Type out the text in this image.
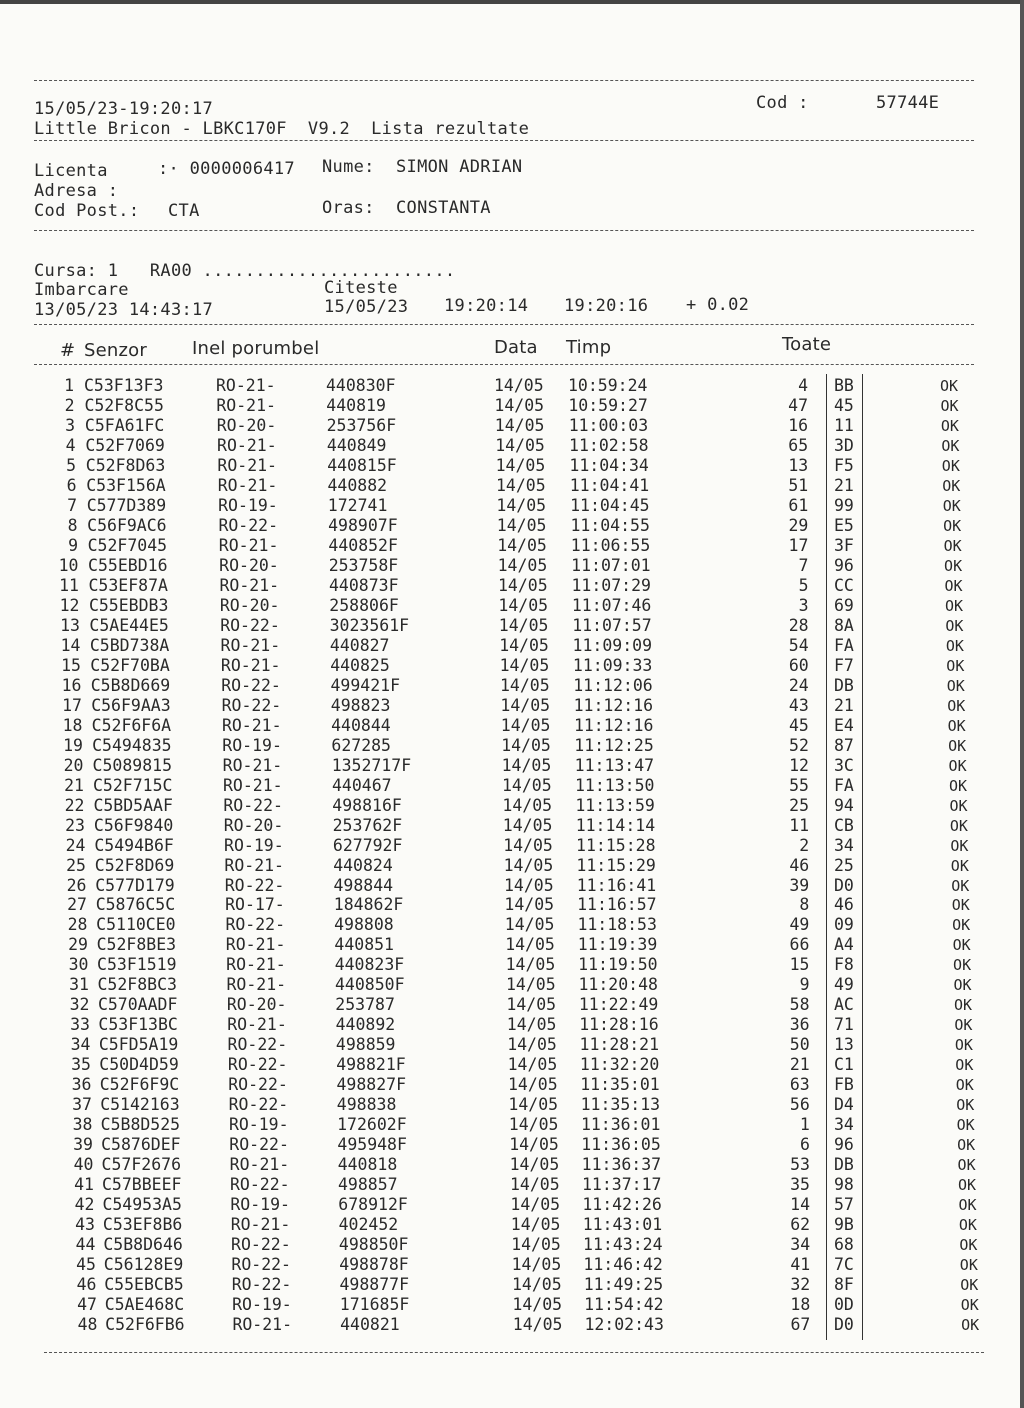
15/05/23-19:20:17	Cod :	57744E
Little Bricon - LBKC170F  V9.2  Lista rezultate
Licenta	:· 0000006417 Nume: SIMON ADRIAN
Adresa :
Cod Post.: CTA	Oras: CONSTANTA
Cursa: 1   RA00 ........................
Imbarcare	Citeste
13/05/23 14:43:17	15/05/23 19:20:14 19:20:16 + 0.02
# Senzor	Inel porumbel	Data Timp	Toate
1 C53F13F3	RO-21-	440830F	14/05 10:59:24	4 BB	OK
2 C52F8C55	RO-21-	440819	14/05 10:59:27	47 45	OK
3 C5FA61FC	RO-20-	253756F	14/05 11:00:03	16 11	OK
4 C52F7069	RO-21-	440849	14/05 11:02:58	65 3D	OK
5 C52F8D63	RO-21-	440815F	14/05 11:04:34	13 F5	OK
6 C53F156A	RO-21-	440882	14/05 11:04:41	51 21	OK
7 C577D389	RO-19-	172741	14/05 11:04:45	61 99	OK
8 C56F9AC6	RO-22-	498907F	14/05 11:04:55	29 E5	OK
9 C52F7045	RO-21-	440852F	14/05 11:06:55	17 3F	OK
10 C55EBD16	RO-20-	253758F	14/05 11:07:01	7 96	OK
11 C53EF87A	RO-21-	440873F	14/05 11:07:29	5 CC	OK
12 C55EBDB3	RO-20-	258806F	14/05 11:07:46	3 69	OK
13 C5AE44E5	RO-22-	3023561F	14/05 11:07:57	28 8A	OK
14 C5BD738A	RO-21-	440827	14/05 11:09:09	54 FA	OK
15 C52F70BA	RO-21-	440825	14/05 11:09:33	60 F7	OK
16 C5B8D669	RO-22-	499421F	14/05 11:12:06	24 DB	OK
17 C56F9AA3	RO-22-	498823	14/05 11:12:16	43 21	OK
18 C52F6F6A	RO-21-	440844	14/05 11:12:16	45 E4	OK
19 C5494835	RO-19-	627285	14/05 11:12:25	52 87	OK
20 C5089815	RO-21-	1352717F	14/05 11:13:47	12 3C	OK
21 C52F715C	RO-21-	440467	14/05 11:13:50	55 FA	OK
22 C5BD5AAF	RO-22-	498816F	14/05 11:13:59	25 94	OK
23 C56F9840	RO-20-	253762F	14/05 11:14:14	11 CB	OK
24 C5494B6F	RO-19-	627792F	14/05 11:15:28	2 34	OK
25 C52F8D69	RO-21-	440824	14/05 11:15:29	46 25	OK
26 C577D179	RO-22-	498844	14/05 11:16:41	39 D0	OK
27 C5876C5C	RO-17-	184862F	14/05 11:16:57	8 46	OK
28 C5110CE0	RO-22-	498808	14/05 11:18:53	49 09	OK
29 C52F8BE3	RO-21-	440851	14/05 11:19:39	66 A4	OK
30 C53F1519	RO-21-	440823F	14/05 11:19:50	15 F8	OK
31 C52F8BC3	RO-21-	440850F	14/05 11:20:48	9 49	OK
32 C570AADF	RO-20-	253787	14/05 11:22:49	58 AC	OK
33 C53F13BC	RO-21-	440892	14/05 11:28:16	36 71	OK
34 C5FD5A19	RO-22-	498859	14/05 11:28:21	50 13	OK
35 C50D4D59	RO-22-	498821F	14/05 11:32:20	21 C1	OK
36 C52F6F9C	RO-22-	498827F	14/05 11:35:01	63 FB	OK
37 C5142163	RO-22-	498838	14/05 11:35:13	56 D4	OK
38 C5B8D525	RO-19-	172602F	14/05 11:36:01	1 34	OK
39 C5876DEF	RO-22-	495948F	14/05 11:36:05	6 96	OK
40 C57F2676	RO-21-	440818	14/05 11:36:37	53 DB	OK
41 C57BBEEF	RO-22-	498857	14/05 11:37:17	35 98	OK
42 C54953A5	RO-19-	678912F	14/05 11:42:26	14 57	OK
43 C53EF8B6	RO-21-	402452	14/05 11:43:01	62 9B	OK
44 C5B8D646	RO-22-	498850F	14/05 11:43:24	34 68	OK
45 C56128E9	RO-22-	498878F	14/05 11:46:42	41 7C	OK
46 C55EBCB5	RO-22-	498877F	14/05 11:49:25	32 8F	OK
47 C5AE468C	RO-19-	171685F	14/05 11:54:42	18 0D	OK
48 C52F6FB6	RO-21-	440821	14/05 12:02:43	67 D0	OK
